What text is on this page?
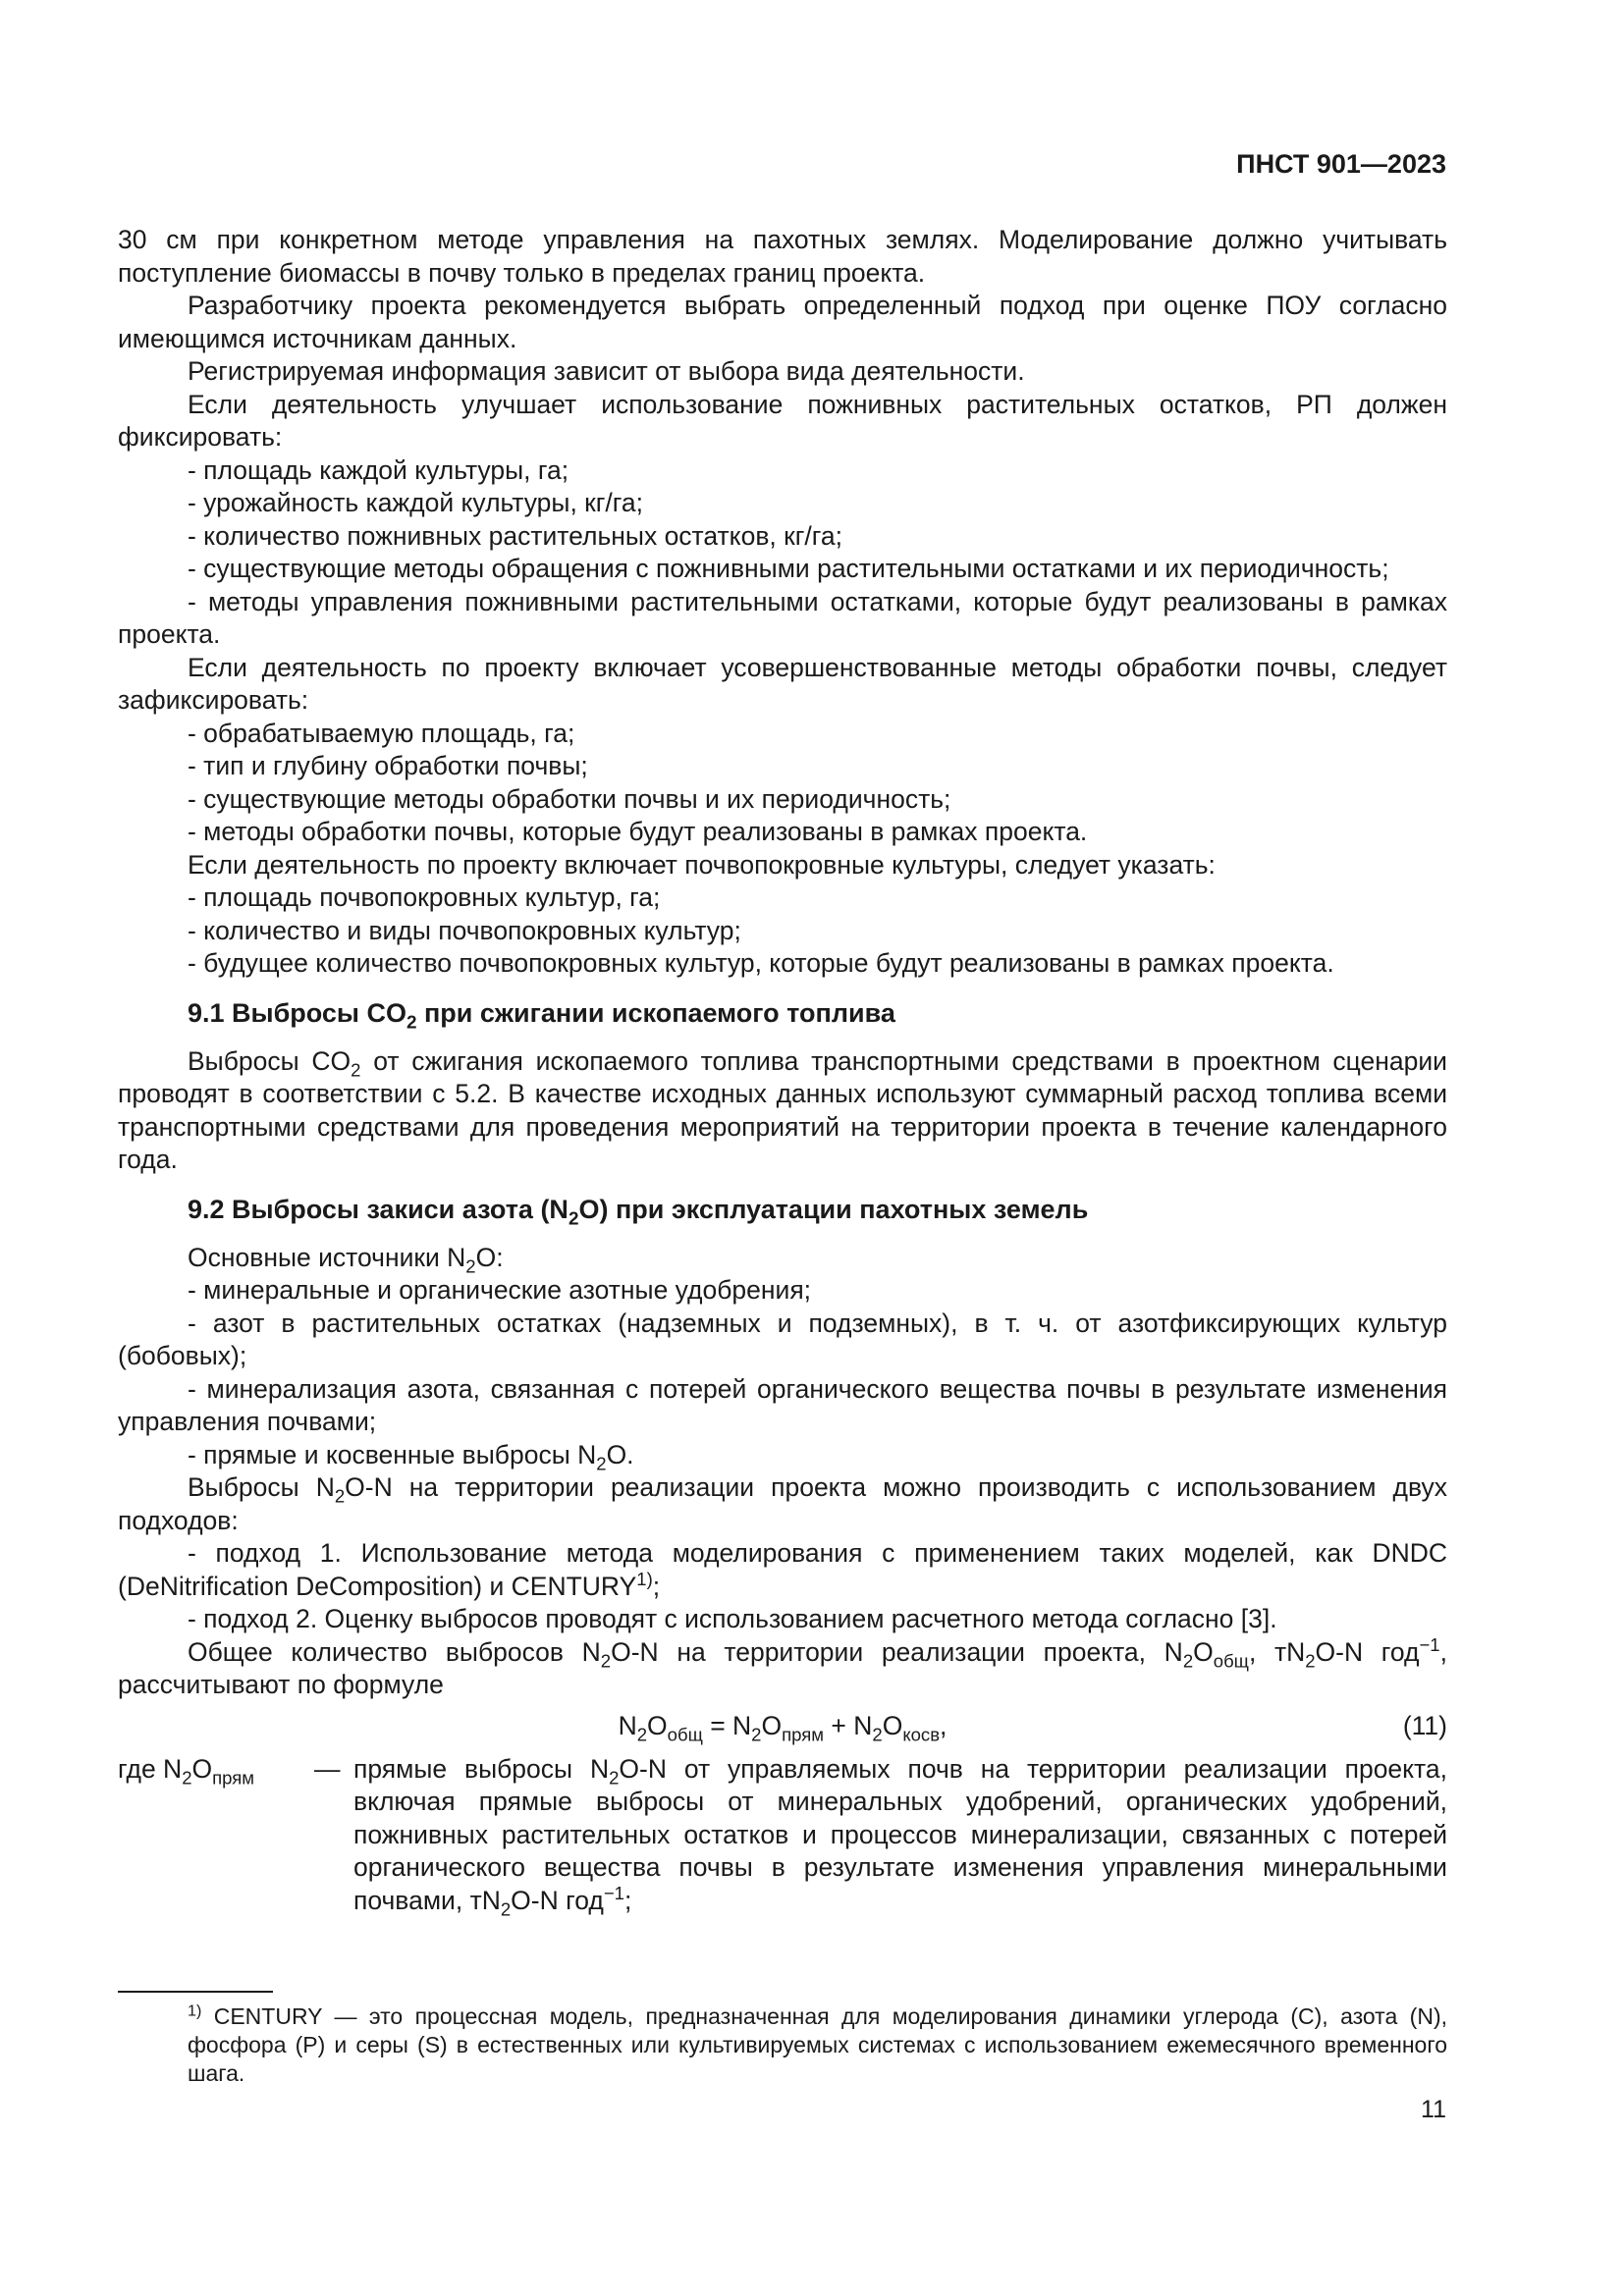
ПНСТ 901—2023

30 см при конкретном методе управления на пахотных землях. Моделирование должно учитывать поступление биомассы в почву только в пределах границ проекта.

Разработчику проекта рекомендуется выбрать определенный подход при оценке ПОУ согласно имеющимся источникам данных.

Регистрируемая информация зависит от выбора вида деятельности.

Если деятельность улучшает использование пожнивных растительных остатков, РП должен фиксировать:

- площадь каждой культуры, га;

- урожайность каждой культуры, кг/га;

- количество пожнивных растительных остатков, кг/га;

- существующие методы обращения с пожнивными растительными остатками и их периодичность;

- методы управления пожнивными растительными остатками, которые будут реализованы в рамках проекта.

Если деятельность по проекту включает усовершенствованные методы обработки почвы, следует зафиксировать:

- обрабатываемую площадь, га;

- тип и глубину обработки почвы;

- существующие методы обработки почвы и их периодичность;

- методы обработки почвы, которые будут реализованы в рамках проекта.

Если деятельность по проекту включает почвопокровные культуры, следует указать:

- площадь почвопокровных культур, га;

- количество и виды почвопокровных культур;

- будущее количество почвопокровных культур, которые будут реализованы в рамках проекта.

9.1 Выбросы $CO_2$ при сжигании ископаемого топлива

Выбросы $CO_2$ от сжигания ископаемого топлива транспортными средствами в проектном сценарии проводят в соответствии с 5.2. В качестве исходных данных используют суммарный расход топлива всеми транспортными средствами для проведения мероприятий на территории проекта в течение календарного года.

9.2 Выбросы закиси азота $(N_2O)$ при эксплуатации пахотных земель

Основные источники $N_2O$:

- минеральные и органические азотные удобрения;

- азот в растительных остатках (надземных и подземных), в т. ч. от азотфиксирующих культур (бобовых);

- минерализация азота, связанная с потерей органического вещества почвы в результате изменения управления почвами;

- прямые и косвенные выбросы $N_2O$.

Выбросы $N_2O-N$ на территории реализации проекта можно производить с использованием двух подходов:

- подход 1. Использование метода моделирования с применением таких моделей, как DNDC (DeNitrification DeComposition) и CENTURY$^{1)}$;

- подход 2. Оценку выбросов проводят с использованием расчетного метода согласно [3].

Общее количество выбросов $N_2O-N$ на территории реализации проекта, $N_2O_{общ}$, $тN_2O-N$ год$^{-1}$, рассчитывают по формуле

$N_2O_{общ} = N_2O_{прям} + N_2O_{косв}$,	(11)
где $N_2O_{прям}$	— прямые выбросы $N_2O-N$ от управляемых почв на территории реализации проекта, включая прямые выбросы от минеральных удобрений, органических удобрений, пожнивных растительных остатков и процессов минерализации, связанных с потерей органического вещества почвы в результате изменения управления минеральными почвами, $тN_2O-N$ год$^{-1}$;
$^{1)}$ CENTURY — это процессная модель, предназначенная для моделирования динамики углерода (C), азота (N), фосфора (P) и серы (S) в естественных или культивируемых системах с использованием ежемесячного временного шага.
11
